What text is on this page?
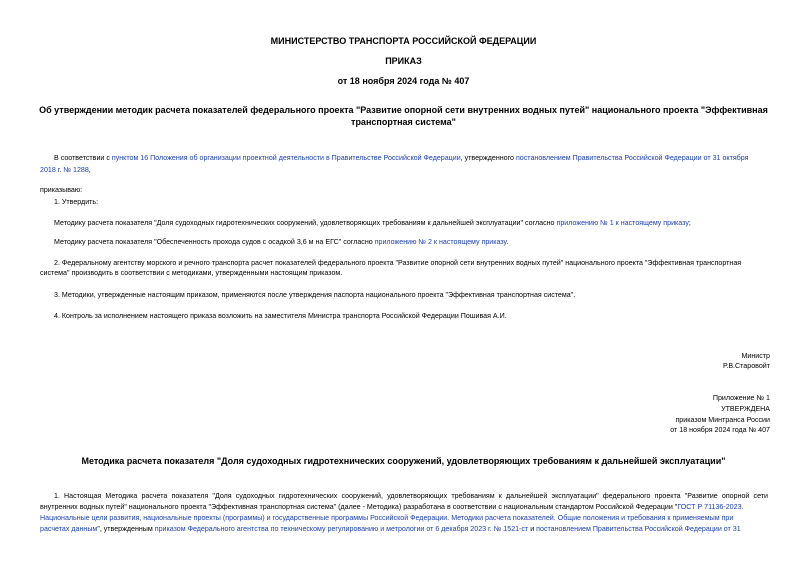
МИНИСТЕРСТВО ТРАНСПОРТА РОССИЙСКОЙ ФЕДЕРАЦИИ
ПРИКАЗ
от 18 ноября 2024 года № 407
Об утверждении методик расчета показателей федерального проекта "Развитие опорной сети внутренних водных путей" национального проекта "Эффективная
транспортная система"
В соответствии с пунктом 16 Положения об организации проектной деятельности в Правительстве Российской Федерации, утвержденного постановлением Правительства Российской Федерации от 31 октября
2018 г. № 1288,
приказываю:
1. Утвердить:
Методику расчета показателя "Доля судоходных гидротехнических сооружений, удовлетворяющих требованиям к дальнейшей эксплуатации" согласно приложению № 1 к настоящему приказу;
Методику расчета показателя "Обеспеченность прохода судов с осадкой 3,6 м на ЕГС" согласно приложению № 2 к настоящему приказу.
2. Федеральному агентству морского и речного транспорта расчет показателей федерального проекта "Развитие опорной сети внутренних водных путей" национального проекта "Эффективная транспортная
система" производить в соответствии с методиками, утвержденными настоящим приказом.
3. Методики, утвержденные настоящим приказом, применяются после утверждения паспорта национального проекта "Эффективная транспортная система".
4. Контроль за исполнением настоящего приказа возложить на заместителя Министра транспорта Российской Федерации Пошивая А.И.
Министр
Р.В.Старовойт
Приложение № 1
УТВЕРЖДЕНА
приказом Минтранса России
от 18 ноября 2024 года № 407
Методика расчета показателя "Доля судоходных гидротехнических сооружений, удовлетворяющих требованиям к дальнейшей эксплуатации"
1. Настоящая Методика расчета показателя "Доля судоходных гидротехнических сооружений, удовлетворяющих требованиям к дальнейшей эксплуатации" федерального проекта "Развитие опорной сети
внутренних водных путей" национального проекта "Эффективная транспортная система" (далее - Методика) разработана в соответствии с национальным стандартом Российской Федерации "ГОСТ Р 71136-2023.
Национальные цели развития, национальные проекты (программы) и государственные программы Российской Федерации. Методики расчета показателей. Общие положения и требования к применяемым при
расчетах данным", утвержденным приказом Федерального агентства по техническому регулированию и метрологии от 6 декабря 2023 г. № 1521-ст и постановлением Правительства Российской Федерации от 31
